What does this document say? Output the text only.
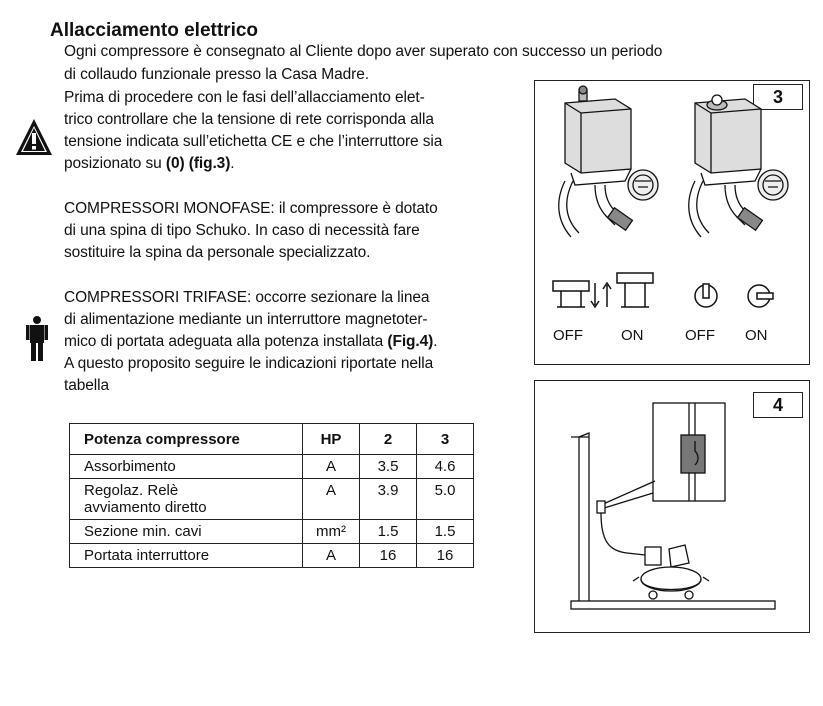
Allacciamento elettrico
Ogni compressore è consegnato al Cliente dopo aver superato con successo un periodo
di collaudo funzionale presso la Casa Madre.
Prima di procedere con le fasi dell’allacciamento elet-
trico controllare che la tensione di rete corrisponda alla
tensione indicata sull’etichetta CE e che l’interruttore sia
posizionato su (0) (fig.3).
COMPRESSORI MONOFASE: il compressore è dotato
di una spina di tipo Schuko. In caso di necessità fare
sostituire la spina da personale specializzato.
COMPRESSORI TRIFASE: occorre sezionare la linea
di alimentazione mediante un interruttore magnetoter-
mico di portata adeguata alla potenza installata (Fig.4).
A questo proposito seguire le indicazioni riportate nella
tabella
Potenza compressore	HP	2	3
Assorbimento	A	3.5	4.6

Regolaz. Relè
avviamento diretto	A	3.9	5.0
Sezione min. cavi	mm²	1.5	1.5
Portata interruttore	A	16	16
3
OFF	ON	OFF ON
4
